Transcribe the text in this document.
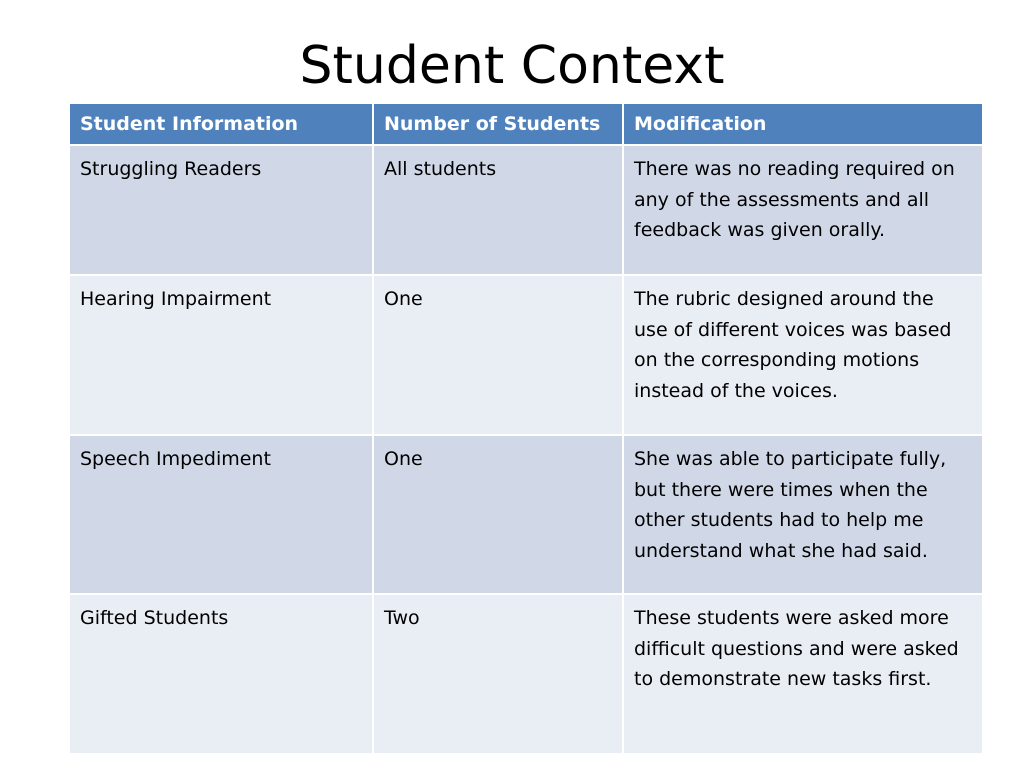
Student Context
Student Information	Number of Students	Modification
Struggling Readers	All students	There was no reading required on any of the assessments and all feedback was given orally.
Hearing Impairment	One	The rubric designed around the use of different voices was based on the corresponding motions instead of the voices.
Speech Impediment	One	She was able to participate fully, but there were times when the other students had to help me understand what she had said.
Gifted Students	Two	These students were asked more difficult questions and were asked to demonstrate new tasks first.
